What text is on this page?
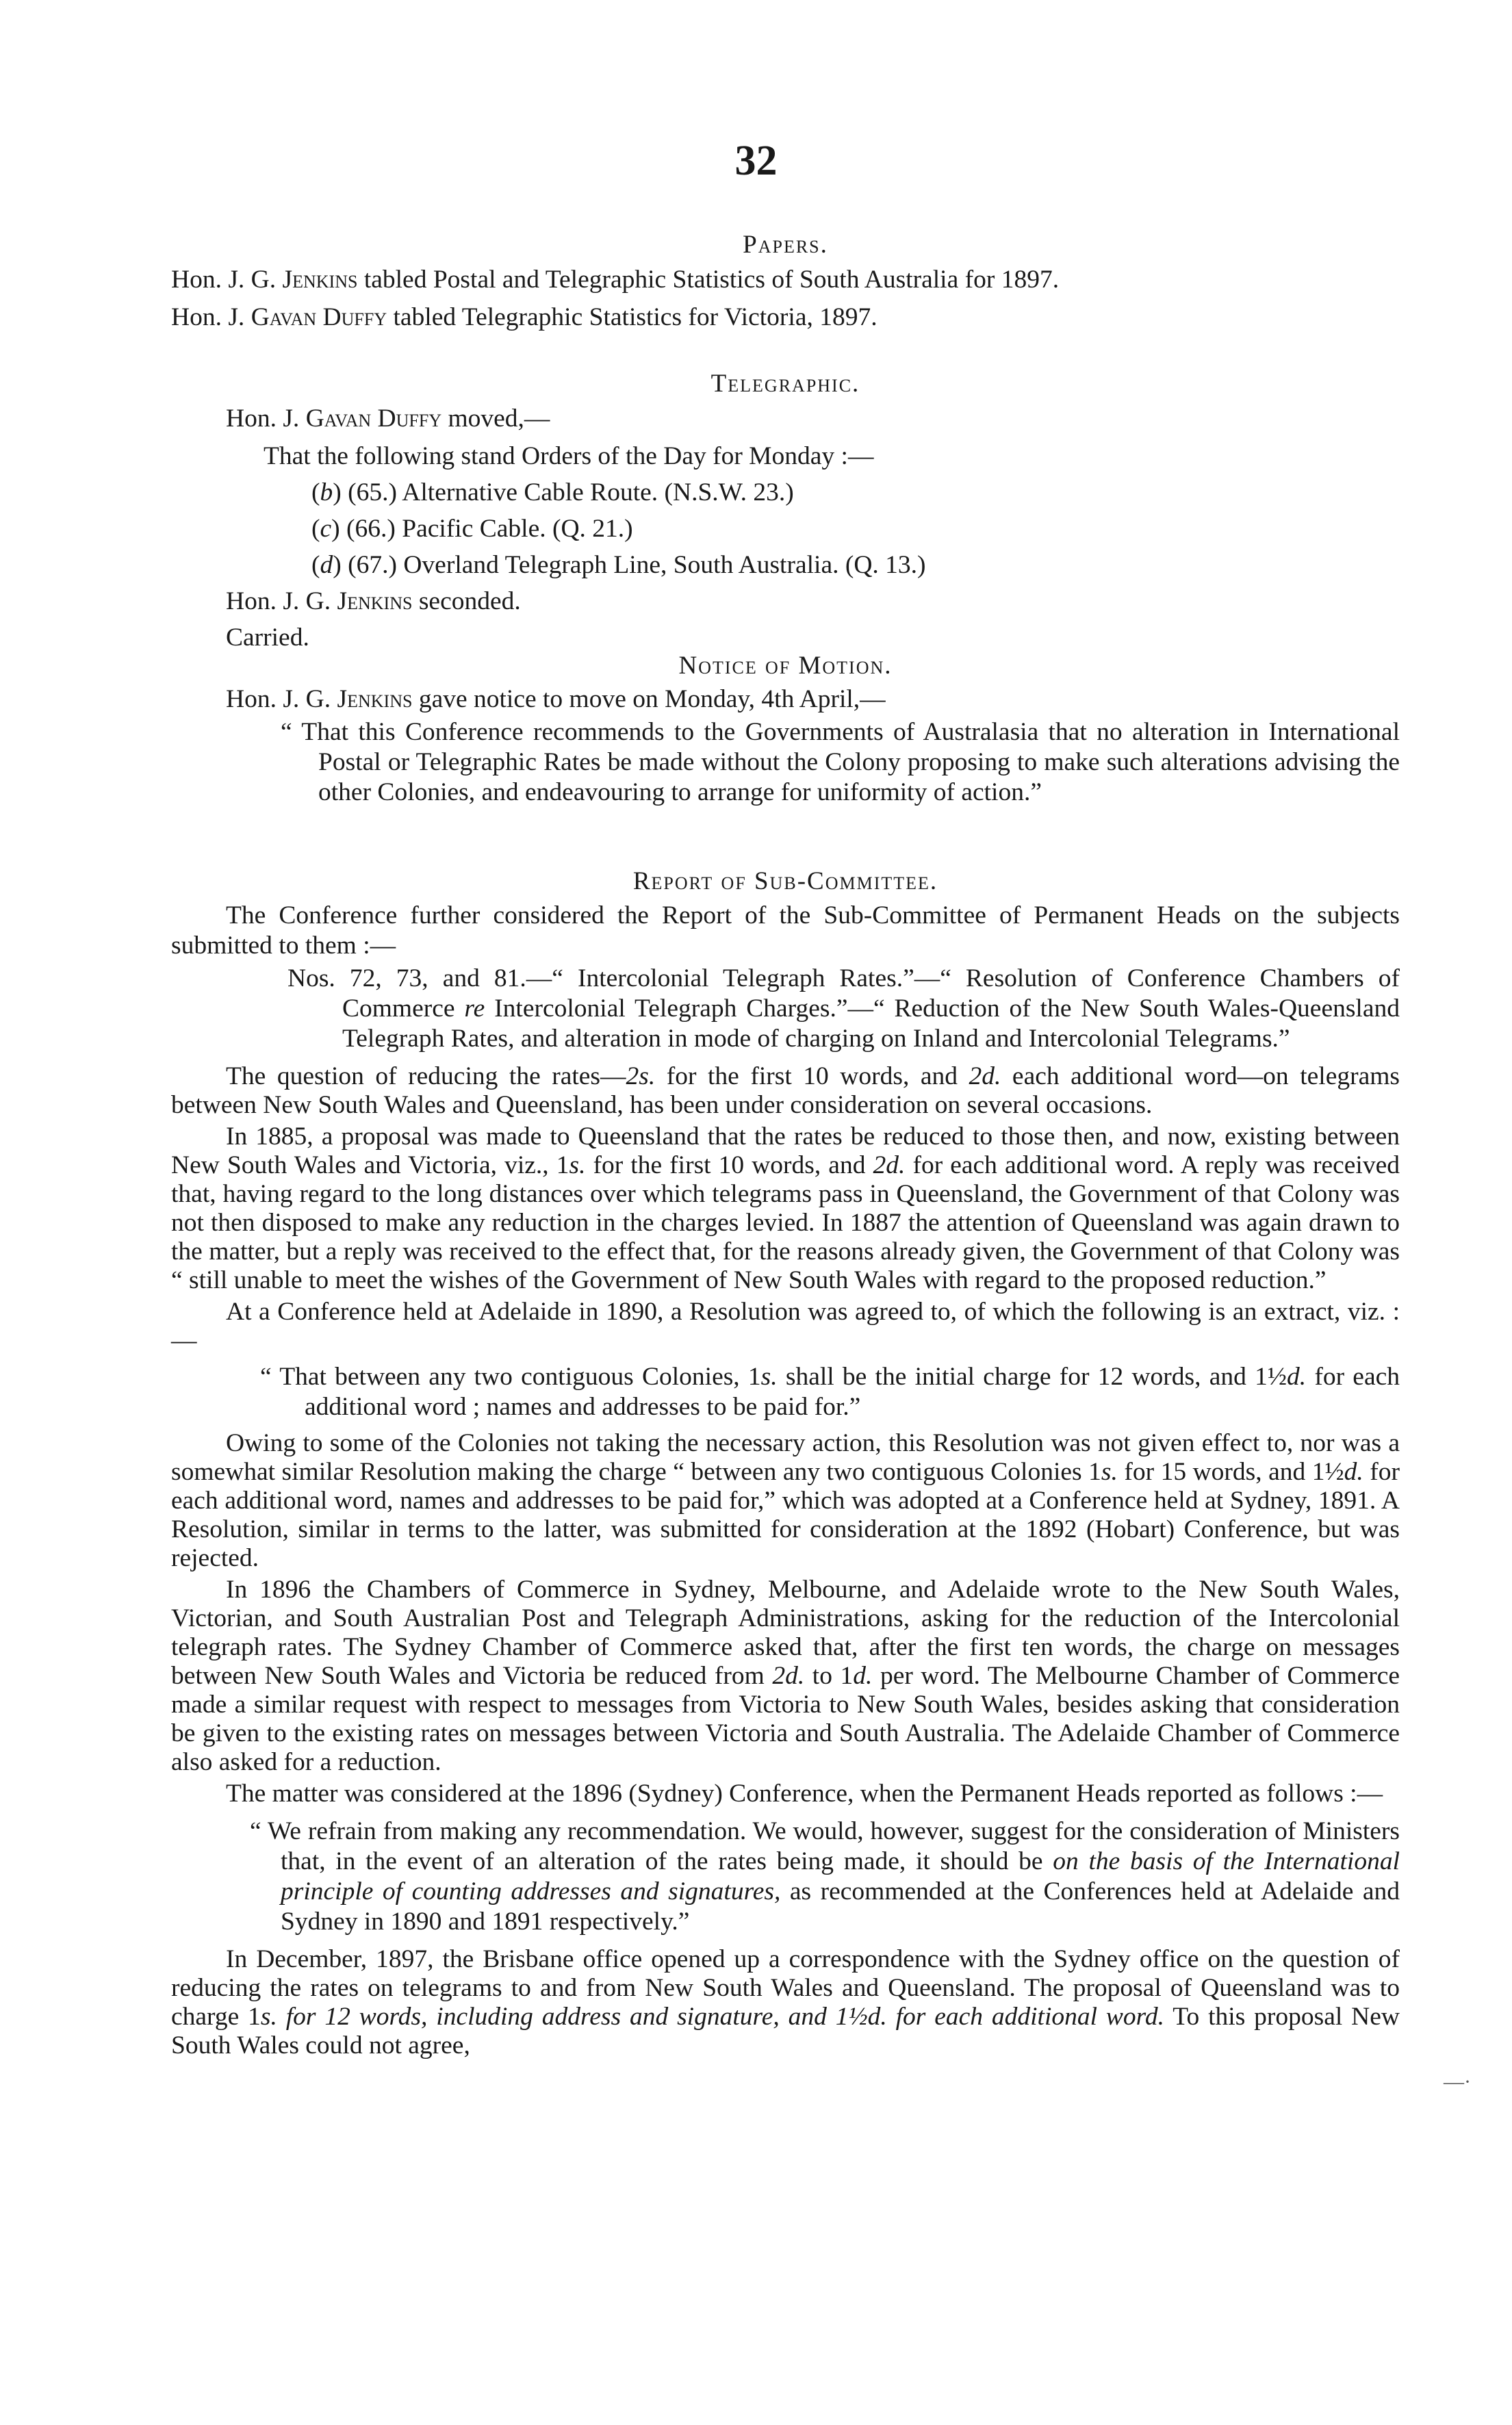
32
Papers.

Hon. J. G. Jenkins tabled Postal and Telegraphic Statistics of South Australia for 1897.

Hon. J. Gavan Duffy tabled Telegraphic Statistics for Victoria, 1897.

Telegraphic.

Hon. J. Gavan Duffy moved,—

That the following stand Orders of the Day for Monday :—

(b) (65.) Alternative Cable Route. (N.S.W. 23.)

(c) (66.) Pacific Cable. (Q. 21.)

(d) (67.) Overland Telegraph Line, South Australia. (Q. 13.)

Hon. J. G. Jenkins seconded.

Carried.

Notice of Motion.

Hon. J. G. Jenkins gave notice to move on Monday, 4th April,—

“ That this Conference recommends to the Governments of Australasia that no alteration in International Postal or Telegraphic Rates be made without the Colony proposing to make such alterations advising the other Colonies, and endeavouring to arrange for uniformity of action.”

Report of Sub-Committee.

The Conference further considered the Report of the Sub-Committee of Permanent Heads on the subjects submitted to them :—

Nos. 72, 73, and 81.—“ Intercolonial Telegraph Rates.”—“ Resolution of Conference Chambers of Commerce re Intercolonial Telegraph Charges.”—“ Reduction of the New South Wales-Queensland Telegraph Rates, and alteration in mode of charging on Inland and Intercolonial Telegrams.”

The question of reducing the rates—2s. for the first 10 words, and 2d. each additional word—on telegrams between New South Wales and Queensland, has been under consideration on several occasions.

In 1885, a proposal was made to Queensland that the rates be reduced to those then, and now, existing between New South Wales and Victoria, viz., 1s. for the first 10 words, and 2d. for each additional word. A reply was received that, having regard to the long distances over which telegrams pass in Queensland, the Government of that Colony was not then disposed to make any reduction in the charges levied. In 1887 the attention of Queensland was again drawn to the matter, but a reply was received to the effect that, for the reasons already given, the Government of that Colony was “ still unable to meet the wishes of the Government of New South Wales with regard to the proposed reduction.”

At a Conference held at Adelaide in 1890, a Resolution was agreed to, of which the following is an extract, viz. :—

“ That between any two contiguous Colonies, 1s. shall be the initial charge for 12 words, and 1½d. for each additional word ; names and addresses to be paid for.”

Owing to some of the Colonies not taking the necessary action, this Resolution was not given effect to, nor was a somewhat similar Resolution making the charge “ between any two contiguous Colonies 1s. for 15 words, and 1½d. for each additional word, names and addresses to be paid for,” which was adopted at a Conference held at Sydney, 1891. A Resolution, similar in terms to the latter, was submitted for consideration at the 1892 (Hobart) Conference, but was rejected.

In 1896 the Chambers of Commerce in Sydney, Melbourne, and Adelaide wrote to the New South Wales, Victorian, and South Australian Post and Telegraph Administrations, asking for the reduction of the Intercolonial telegraph rates. The Sydney Chamber of Commerce asked that, after the first ten words, the charge on messages between New South Wales and Victoria be reduced from 2d. to 1d. per word. The Melbourne Chamber of Commerce made a similar request with respect to messages from Victoria to New South Wales, besides asking that consideration be given to the existing rates on messages between Victoria and South Australia. The Adelaide Chamber of Commerce also asked for a reduction.

The matter was considered at the 1896 (Sydney) Conference, when the Permanent Heads reported as follows :—

“ We refrain from making any recommendation. We would, however, suggest for the consideration of Ministers that, in the event of an alteration of the rates being made, it should be on the basis of the International principle of counting addresses and signatures, as recommended at the Conferences held at Adelaide and Sydney in 1890 and 1891 respectively.”

In December, 1897, the Brisbane office opened up a correspondence with the Sydney office on the question of reducing the rates on telegrams to and from New South Wales and Queensland. The proposal of Queensland was to charge 1s. for 12 words, including address and signature, and 1½d. for each additional word. To this proposal New South Wales could not agree,

—·
